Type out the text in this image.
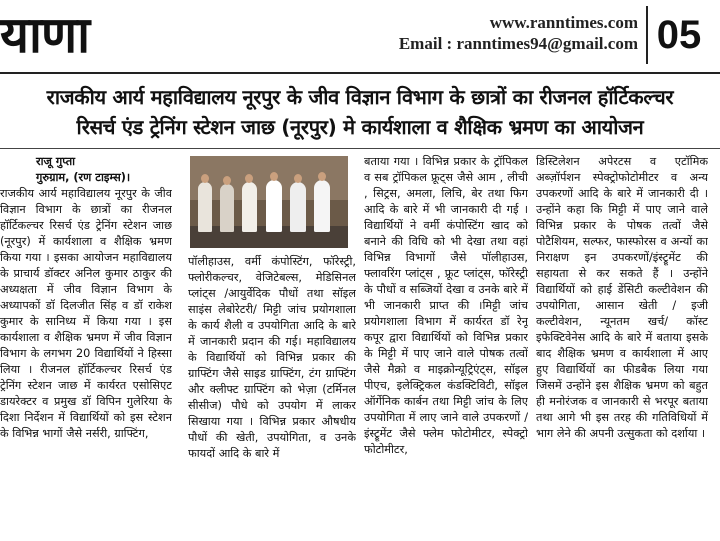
याणा	www.ranntimes.com
Email : ranntimes94@gmail.com 05
राजकीय आर्य महाविद्यालय नूरपुर के जीव विज्ञान विभाग के छात्रों का रीजनल हॉर्टिकल्चर
रिसर्च एंड ट्रेनिंग स्टेशन जाछ (नूरपुर) मे कार्यशाला व शैक्षिक भ्रमण का आयोजन
राजू गुप्ता
गुरुग्राम, (रण टाइम्स)।

राजकीय आर्य महाविद्यालय नूरपुर के जीव विज्ञान विभाग के छात्रों का रीजनल हॉर्टिकल्चर रिसर्च एंड ट्रेनिंग स्टेशन जाछ (नूरपुर) में कार्यशाला व शैक्षिक भ्रमण किया गया । इसका आयोजन महाविद्यालय के प्राचार्य डॉक्टर अनिल कुमार ठाकुर की अध्यक्षता में जीव विज्ञान विभाग के अध्यापकों डॉ दिलजीत सिंह व डॉ राकेश कुमार के सानिध्य में किया गया । इस कार्यशाला व शैक्षिक भ्रमण में जीव विज्ञान विभाग के लगभग 20 विद्यार्थियों ने हिस्सा लिया । रीजनल हॉर्टिकल्चर रिसर्च एंड ट्रेनिंग स्टेशन जाछ में कार्यरत एसोसिएट डायरेक्टर व प्रमुख डॉ विपिन गुलेरिया के दिशा निर्देशन में विद्यार्थियों को इस स्टेशन के विभिन्न भागों जैसे नर्सरी, ग्राफ्टिंग,

पॉलीहाउस, वर्मी कंपोस्टिंग, फॉरेस्ट्री, फ्लोरीकल्चर, वेजिटेबल्स, मेडिसिनल प्लांट्स /आयुर्वेदिक पौधों तथा सॉइल साइंस लेबोरेटरी/ मिट्टी जांच प्रयोगशाला के कार्य शैली व उपयोगिता आदि के बारे में जानकारी प्रदान की गई। महाविद्यालय के विद्यार्थियों को विभिन्न प्रकार की ग्राफ्टिंग जैसे साइड ग्राफ्टिंग, टंग ग्राफ्टिंग और क्लीफ्ट ग्राफ्टिंग को भेज़ा (टर्मिनल सीसीज) पौधे को उपयोग में लाकर सिखाया गया । विभिन्न प्रकार औषधीय पौधों की खेती, उपयोगिता, व उनके फायदों आदि के बारे में

बताया गया । विभिन्न प्रकार के ट्रॉपिकल व सब ट्रॉपिकल फ्रूट्स जैसे आम , लीची , सिट्रस, अमला, लिचि, बेर तथा फिग आदि के बारे में भी जानकारी दी गई ।विद्यार्थियों ने वर्मी कंपोस्टिंग खाद को बनाने की विधि को भी देखा तथा वहां विभिन्न विभागों जैसे पॉलीहाउस, फ्लावरिंग प्लांट्स , फ्रूट प्लांट्स, फॉरेस्ट्री के पौधों व सब्जियों देखा व उनके बारे में भी जानकारी प्राप्त की ।मिट्टी जांच प्रयोगशाला विभाग में कार्यरत डॉ रेनू कपूर द्वारा विद्यार्थियों को विभिन्न प्रकार के मिट्टी में पाए जाने वाले पोषक तत्वों जैसे मैक्रो व माइक्रोन्यूट्रिएंट्स, सॉइल पीएच, इलेक्ट्रिकल कंडक्टिविटी, सॉइल ऑर्गेनिक कार्बन तथा मिट्टी जांच के लिए उपयोगिता में लाए जाने वाले उपकरणों /इंस्ट्रूमेंट जैसे फ्लेम फोटोमीटर, स्पेक्ट्रो फोटोमीटर,

डिस्टिलेशन अपेरटस व एटॉमिक अब्ज़ॉर्पशन स्पेक्ट्रोफोटोमीटर व अन्य उपकरणों आदि के बारे में जानकारी दी । उन्होंने कहा कि मिट्टी में पाए जाने वाले विभिन्न प्रकार के पोषक तत्वों जैसे पोटैशियम, सल्फर, फास्फोरस व अन्यों का निराक्षण इन उपकरणों/इंस्ट्रूमेंट की सहायता से कर सकते हैं । उन्होंने विद्यार्थियों को हाई डेंसिटी कल्टीवेशन की उपयोगिता, आसान खेती / इजी कल्टीवेशन, न्यूनतम खर्च/ कॉस्ट इफेक्टिवेनेस आदि के बारे में बताया इसके बाद शैक्षिक भ्रमण व कार्यशाला में आए हुए विद्यार्थियों का फीडबैक लिया गया जिसमें उन्होंने इस शैक्षिक भ्रमण को बहुत ही मनोरंजक व जानकारी से भरपूर बताया तथा आगे भी इस तरह की गतिविधियों में भाग लेने की अपनी उत्सुकता को दर्शाया ।
